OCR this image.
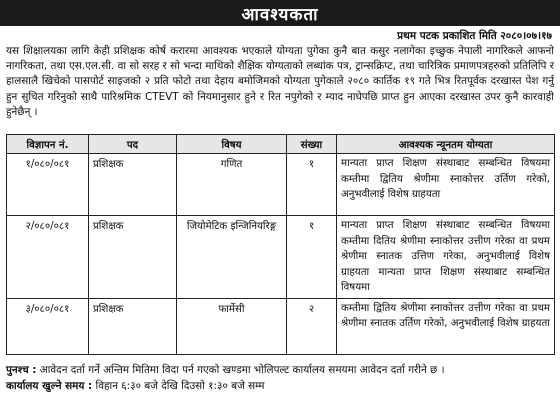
आवश्यकता
प्रथम पटक प्रकाशित मिति २०८०।०७।१७
यस शिक्षालयका लागि केही प्रशिक्षक कोर्ष करारमा आवश्यक भएकाले योग्यता पुगेका कुनै बात कसुर नलागेका इच्छुक नेपाली नागरिकले आफनो नागरिकता, तथा एस.एल.सी. वा सो सरह र सो भन्दा माथिको शैक्षिक योग्यताको लब्धांक पत्र, ट्रान्सक्रिप्ट, तथा चारित्रिक प्रमाणपत्रहरुको प्रतिलिपि र हालसालै खिचेको पासपोर्ट साइजको २ प्रति फोटो तथा देहाय बमोजिमको योग्यता पुगेकाले २०८० कार्तिक १९ गते भित्र रितपूर्वक दरखास्त पेश गर्नु हुन सुचित गरिनुको साथै पारिश्रमिक CTEVT को नियमानुसार हुने र रित नपुगेको र म्याद नाघेपछि प्राप्त हुन आएका दरखास्त उपर कुनै कारवाही हुनेछैन् ।
विज्ञापन नं.	पद	विषय	संख्या	आवश्यक न्यूनतम योग्यता
१/०८०/०८१	प्रशिक्षक	गणित	१	मान्यता प्राप्त शिक्षण संस्थाबाट सम्बन्धित विषयमा कम्तीमा द्वितिय श्रेणीमा स्नाकोत्तर उर्तिण गरेको, अनुभवीलाई विशेष ग्राहयता
२/०८०/०८१	प्रशिक्षक	जियोमेटिक इन्जिनियरिङ्ग	१	मान्यता प्राप्त शिक्षण संस्थाबाट सम्बन्धित विषयमा कम्तीमा दितिय श्रेणीमा स्नाकोत्तर उत्तीण गरेका वा प्रथम श्रेणीमा स्नातक उत्तिण गरेका, अनुभवीलाई विशेष ग्राहयता मान्यता प्राप्त शिक्षण संस्थाबाट सम्बन्धित विषयमा
३/०८०/०८१	प्रशिक्षक	फार्मेसी	२	कम्तीमा द्वितिय श्रेणीमा स्नाकोत्तर उत्तीण गरेका वा प्रथम श्रेणीमा स्नातक उर्तिण गरेको, अनुभवीलाई विशेष ग्राहयता
पुनश्च : आवेदन दर्ता गर्ने अन्तिम मितिमा विदा पर्न गएको खण्डमा भोलिपल्ट कार्यालय समयमा आवेदन दर्ता गरीने छ ।
कार्यालय खुल्ने समय : विहान ६:३० बजे देखि दिउसो १:३० बजे सम्म
